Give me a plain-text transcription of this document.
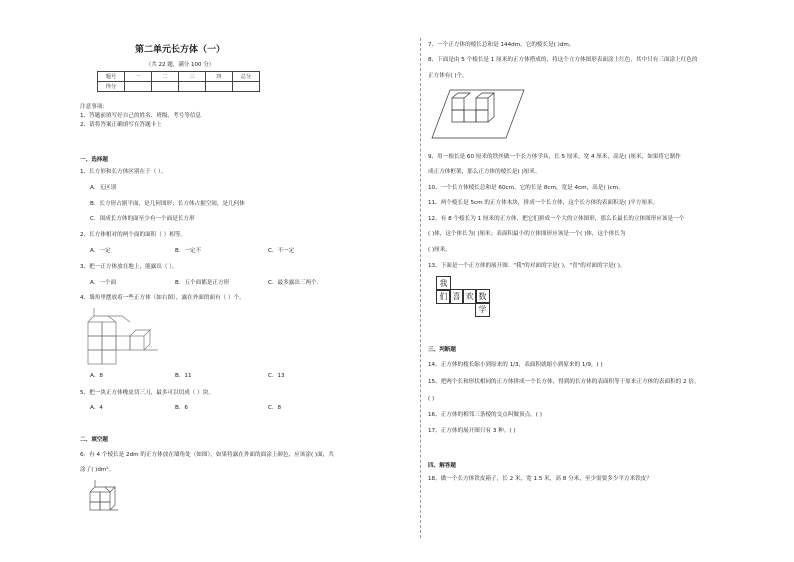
第二单元长方体（一）
（共 22 题，满分 100 分）
题号	一	二	三	四	总分
得分					
注意事项：
1、答题前填写好自己的姓名、班级、考号等信息
2、请将答案正确填写在答题卡上
一、选择题
1、长方形和长方体区别在于（ ）。
A．无区别
B．长方形占据平面，是几何图形；长方体占据空间，是几何体
C．围成长方体的面至少有一个面是长方形
2、长方体相对的两个面的面积（ ）相等。
A．一定	B．一定不	C．不一定
3、把一正方体放在地上，能露出（ ）。
A．一个面	B．五个面都是正方形	C．最多露出三两个．
4、墙角里摆放着一些正方体（如右图），露在外面的面有（ ）个。
A．8	B．11	C．13
5、把一块正方体橡皮切三刀，最多可以切成（ ）块。
A．4	B．6	C．8
二、填空题
6、有 4 个棱长是 2dm 的正方体放在墙角处（如图），如果将露在外面的面涂上颜色，应该涂( )面，共
涂了( )dm²。
7、一个正方体的棱长总和是 144dm，它的棱长是( )dm。
8、下面是由 5 个棱长是 1 厘米的正方体搭成的，将这个立方体图形表面涂上红色，其中只有三面涂上红色的
正方体有( )个。
9、用一根长是 60 厘米的铁丝做一个长方体学具，长 5 厘米，宽 4 厘米，高是( )厘米，如果将它制作
成正方体框架，那么正方体的棱长是( )厘米。
10、一个长方体棱长总和是 60cm，它的长是 8cm，宽是 4cm，高是( )cm。
11、两个棱长是 5cm 的正方体木块，拼成一个长方体，这个长方体的表面积是( )平方厘米。
12、有 8 个棱长为 1 厘米的正方体，把它们拼成一个大的立体图形，那么长最长的立体图形应该是一个
( )体，这个体长为( )厘米；表面积最小的立体图形应该是一个( )体，这个体长为
( )厘米。
13、下面是一个正方体的展开图．"我"的对面的字是( )，"喜"的对面的字是( )。
我
们 喜 欢 数
学
三、判断题
14、正方体的棱长缩小到原来的 1/3，表面积就缩小到原来的 1/9。( )
15、把两个长和形状相同的正方体拼成一个长方体，得到的长方体的表面积等于原来正方体的表面积的 2 倍。
( )
16、正方体的相邻三条棱的交点叫做顶点。( )
17、正方体的展开图只有 3 种。( )
四、解答题
18、做一个长方体铁皮箱子，长 2 米，宽 1.5 米，高 8 分米，至少需要多少平方米铁皮？
